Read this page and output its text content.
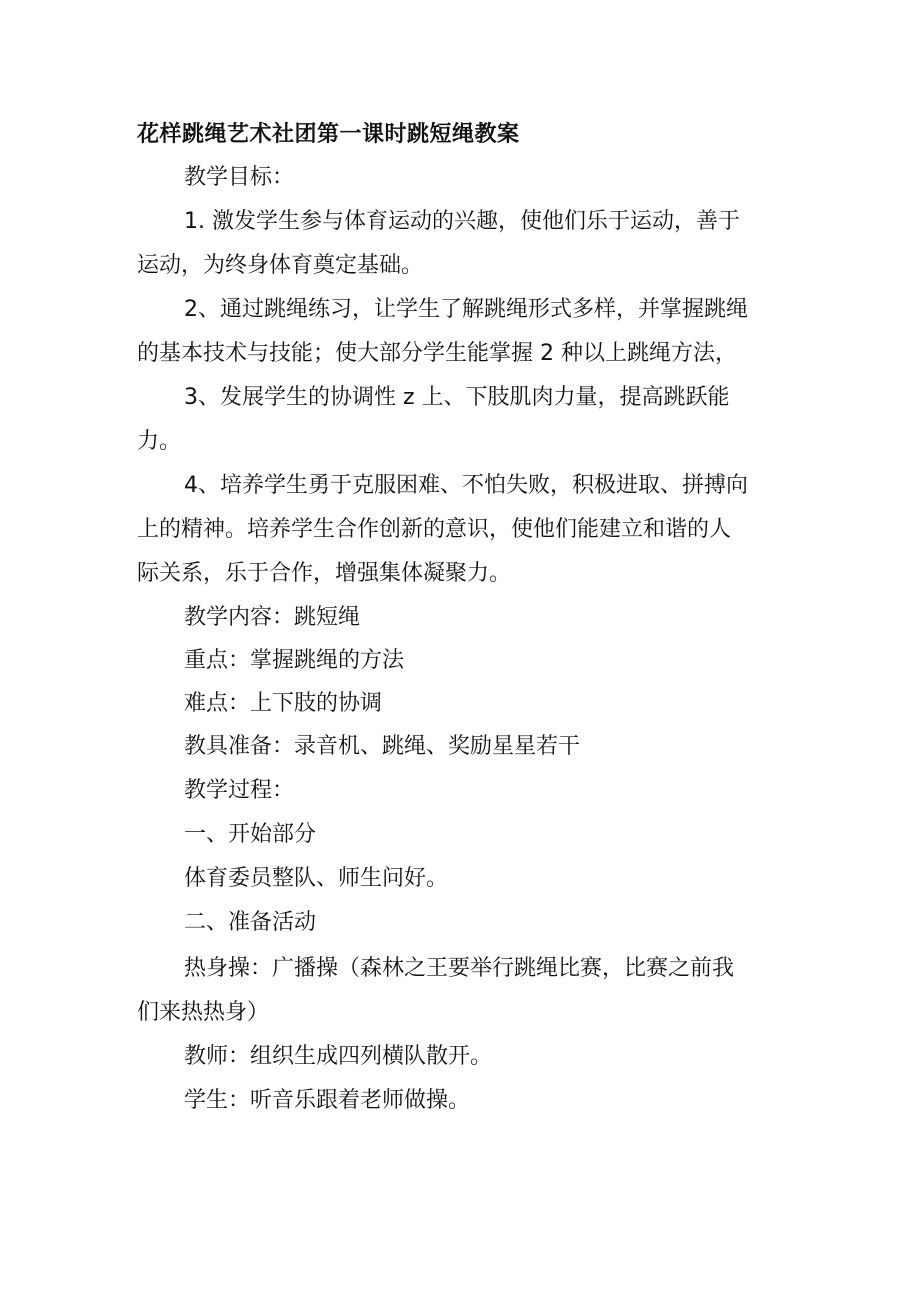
花样跳绳艺术社团第一课时跳短绳教案
教学目标：
1. 激发学生参与体育运动的兴趣，使他们乐于运动，善于
运动，为终身体育奠定基础。
2、通过跳绳练习，让学生了解跳绳形式多样，并掌握跳绳
的基本技术与技能；使大部分学生能掌握 2 种以上跳绳方法，
3、发展学生的协调性 z 上、下肢肌肉力量，提高跳跃能
力。
4、培养学生勇于克服困难、不怕失败，积极进取、拼搏向
上的精神。培养学生合作创新的意识，使他们能建立和谐的人
际关系，乐于合作，增强集体凝聚力。
教学内容：跳短绳
重点：掌握跳绳的方法
难点：上下肢的协调
教具准备：录音机、跳绳、奖励星星若干
教学过程：
一、开始部分
体育委员整队、师生问好。
二、准备活动
热身操：广播操（森林之王要举行跳绳比赛，比赛之前我
们来热热身）
教师：组织生成四列横队散开。
学生：听音乐跟着老师做操。
